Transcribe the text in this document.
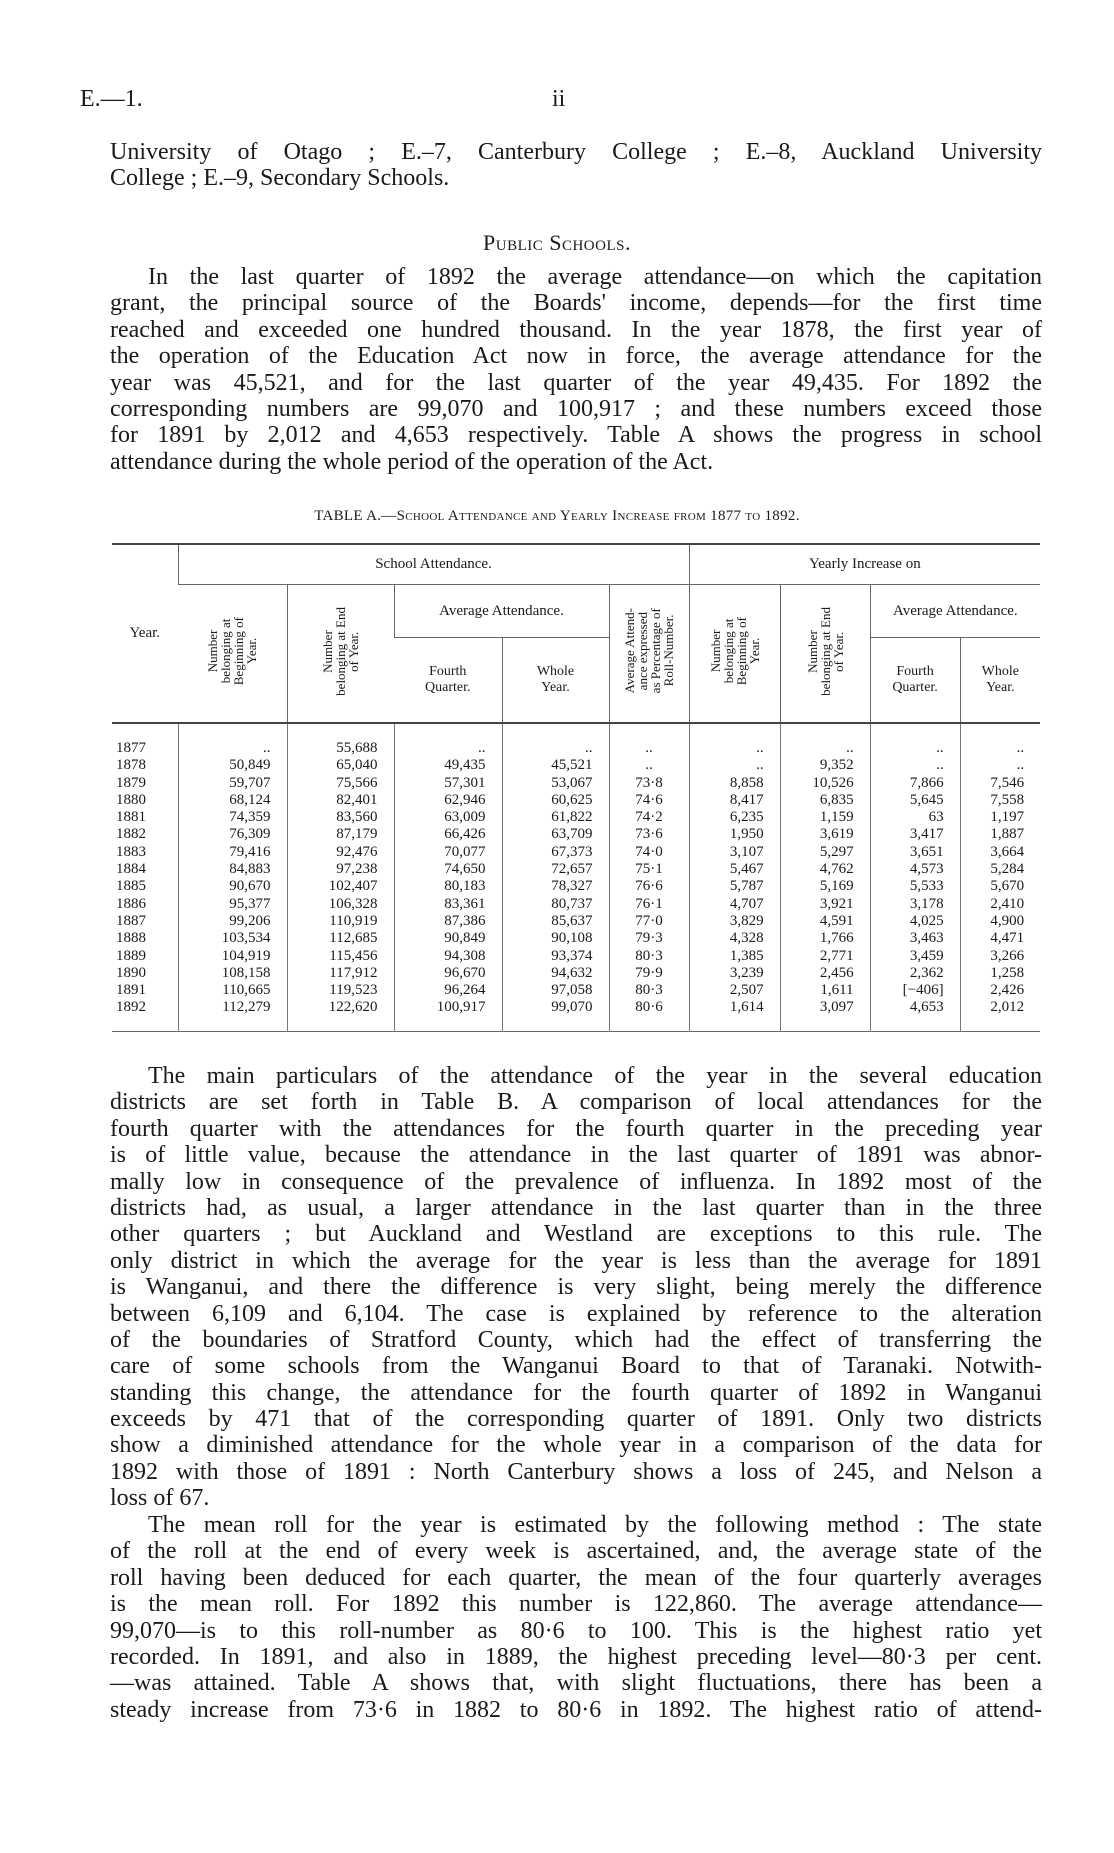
E.—1.	ii
University of Otago ; E.–7, Canterbury College ; E.–8, Auckland University
College ; E.–9, Secondary Schools.
Public Schools.
In the last quarter of 1892 the average attendance—on which the capitation
grant, the principal source of the Boards' income, depends—for the first time
reached and exceeded one hundred thousand. In the year 1878, the first year of
the operation of the Education Act now in force, the average attendance for the
year was 45,521, and for the last quarter of the year 49,435. For 1892 the
corresponding numbers are 99,070 and 100,917 ; and these numbers exceed those
for 1891 by 2,012 and 4,653 respectively. Table A shows the progress in school
attendance during the whole period of the operation of the Act.
TABLE A.—School Attendance and Yearly Increase from 1877 to 1892.
Year.	School Attendance.					Yearly Increase on			

	Number
belonging at
Beginning of
Year.	Number
belonging at End
of Year.	Average Attendance.		Average Attend-
ance expressed
as Percentage of
Roll-Number.	Number
belonging at
Beginning of
Year.	Number
belonging at End
of Year.	Average Attendance.	

			Fourth
Quarter.	Whole
Year.				Fourth
Quarter.	Whole
Year.

1877	..	55,688	..	..	..	..	..	..	..
1878	50,849	65,040	49,435	45,521	..	..	9,352	..	..
1879	59,707	75,566	57,301	53,067	73·8	8,858	10,526	7,866	7,546
1880	68,124	82,401	62,946	60,625	74·6	8,417	6,835	5,645	7,558
1881	74,359	83,560	63,009	61,822	74·2	6,235	1,159	63	1,197
1882	76,309	87,179	66,426	63,709	73·6	1,950	3,619	3,417	1,887
1883	79,416	92,476	70,077	67,373	74·0	3,107	5,297	3,651	3,664
1884	84,883	97,238	74,650	72,657	75·1	5,467	4,762	4,573	5,284
1885	90,670	102,407	80,183	78,327	76·6	5,787	5,169	5,533	5,670
1886	95,377	106,328	83,361	80,737	76·1	4,707	3,921	3,178	2,410
1887	99,206	110,919	87,386	85,637	77·0	3,829	4,591	4,025	4,900
1888	103,534	112,685	90,849	90,108	79·3	4,328	1,766	3,463	4,471
1889	104,919	115,456	94,308	93,374	80·3	1,385	2,771	3,459	3,266
1890	108,158	117,912	96,670	94,632	79·9	3,239	2,456	2,362	1,258
1891	110,665	119,523	96,264	97,058	80·3	2,507	1,611	[−406]	2,426
1892	112,279	122,620	100,917	99,070	80·6	1,614	3,097	4,653	2,012

The main particulars of the attendance of the year in the several education
districts are set forth in Table B. A comparison of local attendances for the
fourth quarter with the attendances for the fourth quarter in the preceding year
is of little value, because the attendance in the last quarter of 1891 was abnor-
mally low in consequence of the prevalence of influenza. In 1892 most of the
districts had, as usual, a larger attendance in the last quarter than in the three
other quarters ; but Auckland and Westland are exceptions to this rule. The
only district in which the average for the year is less than the average for 1891
is Wanganui, and there the difference is very slight, being merely the difference
between 6,109 and 6,104. The case is explained by reference to the alteration
of the boundaries of Stratford County, which had the effect of transferring the
care of some schools from the Wanganui Board to that of Taranaki. Notwith-
standing this change, the attendance for the fourth quarter of 1892 in Wanganui
exceeds by 471 that of the corresponding quarter of 1891. Only two districts
show a diminished attendance for the whole year in a comparison of the data for
1892 with those of 1891 : North Canterbury shows a loss of 245, and Nelson a
loss of 67.
The mean roll for the year is estimated by the following method : The state
of the roll at the end of every week is ascertained, and, the average state of the
roll having been deduced for each quarter, the mean of the four quarterly averages
is the mean roll. For 1892 this number is 122,860. The average attendance—
99,070—is to this roll-number as 80·6 to 100. This is the highest ratio yet
recorded. In 1891, and also in 1889, the highest preceding level—80·3 per cent.
—was attained. Table A shows that, with slight fluctuations, there has been a
steady increase from 73·6 in 1882 to 80·6 in 1892. The highest ratio of attend-
